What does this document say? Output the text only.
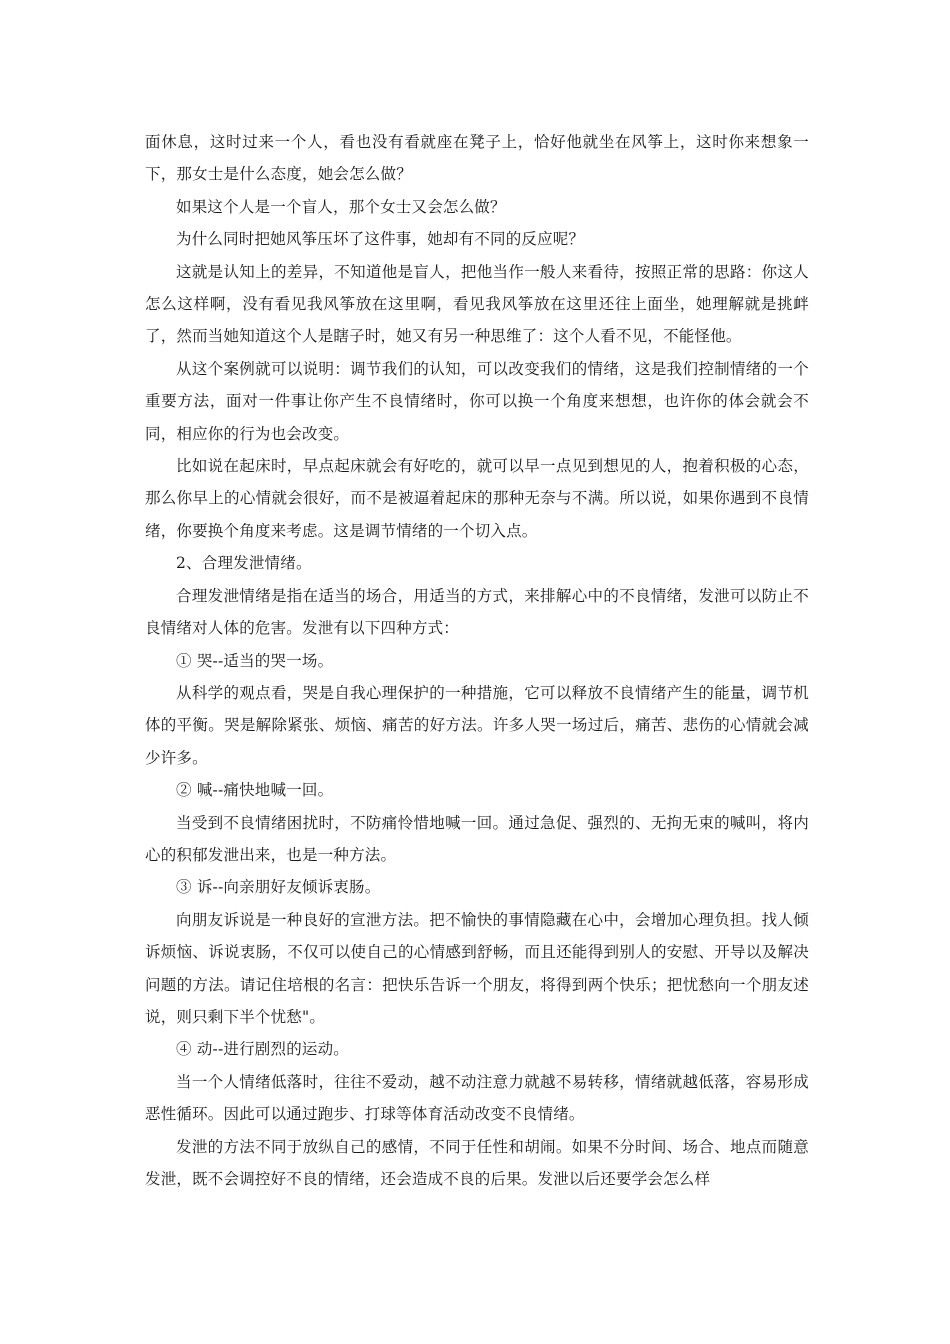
面休息，这时过来一个人，看也没有看就座在凳子上，恰好他就坐在风筝上，这时你来想象一下，那女士是什么态度，她会怎么做？

如果这个人是一个盲人，那个女士又会怎么做？

为什么同时把她风筝压坏了这件事，她却有不同的反应呢？

这就是认知上的差异，不知道他是盲人，把他当作一般人来看待，按照正常的思路：你这人怎么这样啊，没有看见我风筝放在这里啊，看见我风筝放在这里还往上面坐，她理解就是挑衅了，然而当她知道这个人是瞎子时，她又有另一种思维了：这个人看不见，不能怪他。

从这个案例就可以说明：调节我们的认知，可以改变我们的情绪，这是我们控制情绪的一个重要方法，面对一件事让你产生不良情绪时，你可以换一个角度来想想，也许你的体会就会不同，相应你的行为也会改变。

比如说在起床时，早点起床就会有好吃的，就可以早一点见到想见的人，抱着积极的心态，那么你早上的心情就会很好，而不是被逼着起床的那种无奈与不满。所以说，如果你遇到不良情绪，你要换个角度来考虑。这是调节情绪的一个切入点。

2、合理发泄情绪。

合理发泄情绪是指在适当的场合，用适当的方式，来排解心中的不良情绪，发泄可以防止不良情绪对人体的危害。发泄有以下四种方式：

① 哭--适当的哭一场。

从科学的观点看，哭是自我心理保护的一种措施，它可以释放不良情绪产生的能量，调节机体的平衡。哭是解除紧张、烦恼、痛苦的好方法。许多人哭一场过后，痛苦、悲伤的心情就会减少许多。

② 喊--痛快地喊一回。

当受到不良情绪困扰时，不防痛怜惜地喊一回。通过急促、强烈的、无拘无束的喊叫，将内心的积郁发泄出来，也是一种方法。

③ 诉--向亲朋好友倾诉衷肠。

向朋友诉说是一种良好的宣泄方法。把不愉快的事情隐藏在心中，会增加心理负担。找人倾诉烦恼、诉说衷肠，不仅可以使自己的心情感到舒畅，而且还能得到别人的安慰、开导以及解决问题的方法。请记住培根的名言：把快乐告诉一个朋友，将得到两个快乐；把忧愁向一个朋友述说，则只剩下半个忧愁"。

④ 动--进行剧烈的运动。

当一个人情绪低落时，往往不爱动，越不动注意力就越不易转移，情绪就越低落，容易形成恶性循环。因此可以通过跑步、打球等体育活动改变不良情绪。

发泄的方法不同于放纵自己的感情，不同于任性和胡闹。如果不分时间、场合、地点而随意发泄，既不会调控好不良的情绪，还会造成不良的后果。发泄以后还要学会怎么样
